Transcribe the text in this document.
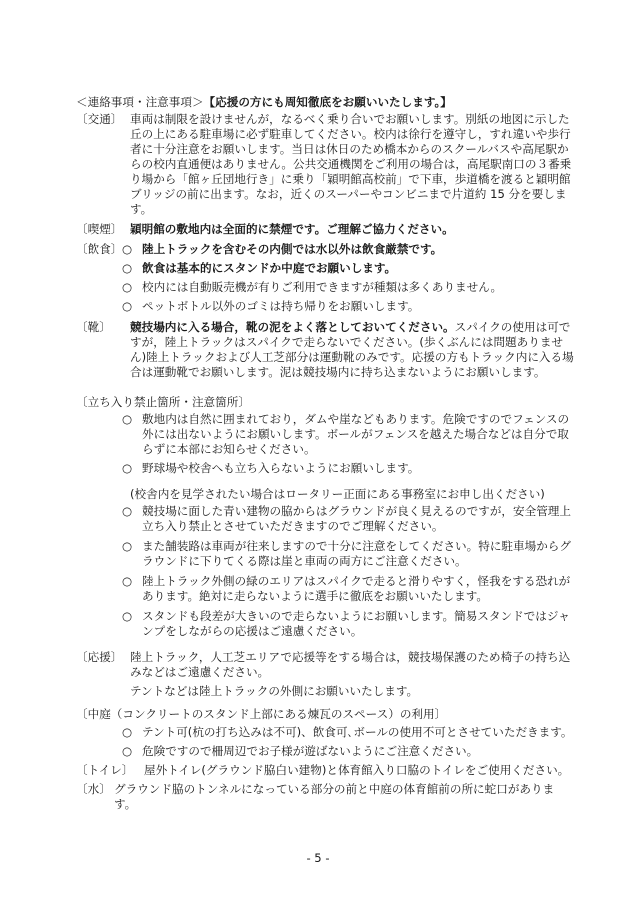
＜連絡事項・注意事項＞【応援の方にも周知徹底をお願いいたします。】
〔交通〕 車両は制限を設けませんが，なるべく乗り合いでお願いします。別紙の地図に示した丘の上にある駐車場に必ず駐車してください。校内は徐行を遵守し，すれ違いや歩行者に十分注意をお願いします。当日は休日のため橋本からのスクールバスや高尾駅からの校内直通便はありません。公共交通機関をご利用の場合は，高尾駅南口の３番乗り場から「館ヶ丘団地行き」に乗り「穎明館高校前」で下車，歩道橋を渡ると穎明館ブリッジの前に出ます。なお，近くのスーパーやコンビニまで片道約 15 分を要します。
〔喫煙〕 穎明館の敷地内は全面的に禁煙です。ご理解ご協力ください。
〔飲食〕 ○ 陸上トラックを含むその内側では水以外は飲食厳禁です。
○ 飲食は基本的にスタンドか中庭でお願いします。
○ 校内には自動販売機が有りご利用できますが種類は多くありません。
○ ペットボトル以外のゴミは持ち帰りをお願いします。
〔靴〕 競技場内に入る場合，靴の泥をよく落としておいてください。スパイクの使用は可ですが，陸上トラックはスパイクで走らないでください。(歩くぶんには問題ありません)陸上トラックおよび人工芝部分は運動靴のみです。応援の方もトラック内に入る場合は運動靴でお願いします。泥は競技場内に持ち込まないようにお願いします。
〔立ち入り禁止箇所・注意箇所〕
○ 敷地内は自然に囲まれており，ダムや崖などもあります。危険ですのでフェンスの外には出ないようにお願いします。ボールがフェンスを越えた場合などは自分で取らずに本部にお知らせください。
○ 野球場や校舎へも立ち入らないようにお願いします。
(校舎内を見学されたい場合はロータリー正面にある事務室にお申し出ください)
○ 競技場に面した青い建物の脇からはグラウンドが良く見えるのですが，安全管理上立ち入り禁止とさせていただきますのでご理解ください。
○ また舗装路は車両が往来しますので十分に注意をしてください。特に駐車場からグラウンドに下りてくる際は崖と車両の両方にご注意ください。
○ 陸上トラック外側の緑のエリアはスパイクで走ると滑りやすく，怪我をする恐れがあります。絶対に走らないように選手に徹底をお願いいたします。
○ スタンドも段差が大きいので走らないようにお願いします。簡易スタンドではジャンプをしながらの応援はご遠慮ください。
〔応援〕 陸上トラック，人工芝エリアで応援等をする場合は，競技場保護のため椅子の持ち込みなどはご遠慮ください。
テントなどは陸上トラックの外側にお願いいたします。
〔中庭（コンクリートのスタンド上部にある煉瓦のスペース）の利用〕
○ テント可(杭の打ち込みは不可)、飲食可､ボールの使用不可とさせていただきます。
○ 危険ですので柵周辺でお子様が遊ばないようにご注意ください。
〔トイレ〕 屋外トイレ(グラウンド脇白い建物)と体育館入り口脇のトイレをご使用ください。
〔水〕 グラウンド脇のトンネルになっている部分の前と中庭の体育館前の所に蛇口があります。
- 5 -
